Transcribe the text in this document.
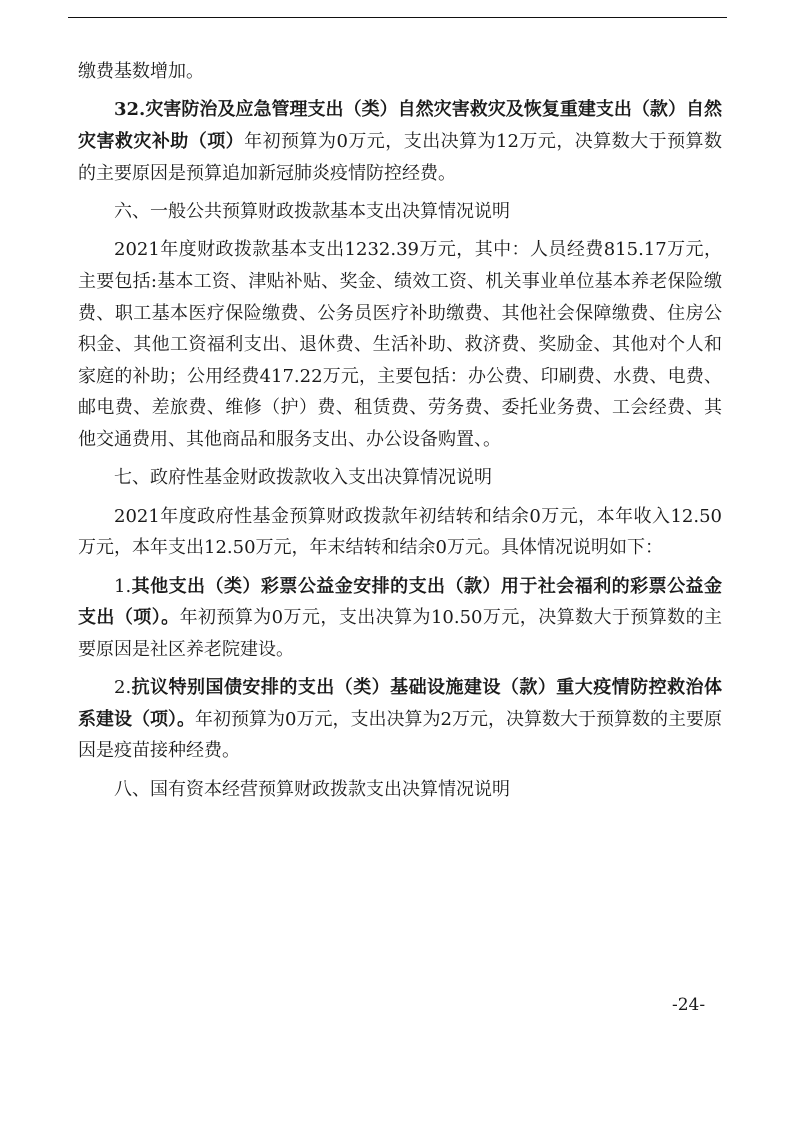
缴费基数增加。

32.灾害防治及应急管理支出（类）自然灾害救灾及恢复重建支出（款）自然灾害救灾补助（项）年初预算为0万元，支出决算为12万元，决算数大于预算数的主要原因是预算追加新冠肺炎疫情防控经费。

六、一般公共预算财政拨款基本支出决算情况说明

2021年度财政拨款基本支出1232.39万元，其中：人员经费815.17万元，主要包括:基本工资、津贴补贴、奖金、绩效工资、机关事业单位基本养老保险缴费、职工基本医疗保险缴费、公务员医疗补助缴费、其他社会保障缴费、住房公积金、其他工资福利支出、退休费、生活补助、救济费、奖励金、其他对个人和家庭的补助；公用经费417.22万元，主要包括：办公费、印刷费、水费、电费、邮电费、差旅费、维修（护）费、租赁费、劳务费、委托业务费、工会经费、其他交通费用、其他商品和服务支出、办公设备购置、。

七、政府性基金财政拨款收入支出决算情况说明

2021年度政府性基金预算财政拨款年初结转和结余0万元，本年收入12.50万元，本年支出12.50万元，年末结转和结余0万元。具体情况说明如下：

1.其他支出（类）彩票公益金安排的支出（款）用于社会福利的彩票公益金支出（项）。年初预算为0万元，支出决算为10.50万元，决算数大于预算数的主要原因是社区养老院建设。

2.抗议特别国债安排的支出（类）基础设施建设（款）重大疫情防控救治体系建设（项）。年初预算为0万元，支出决算为2万元，决算数大于预算数的主要原因是疫苗接种经费。

八、国有资本经营预算财政拨款支出决算情况说明

-24-
